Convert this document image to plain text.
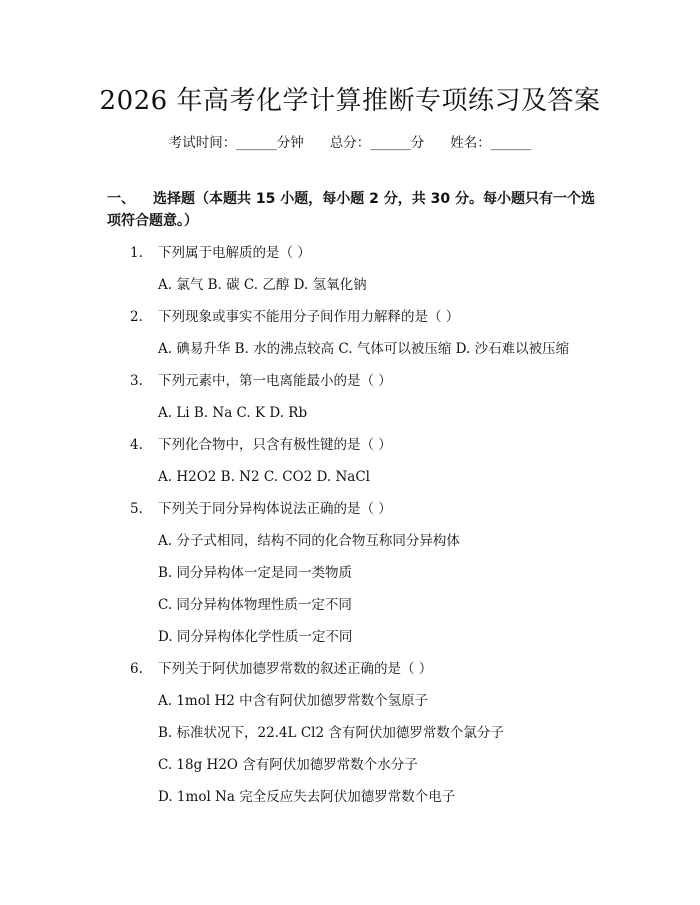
2026 年高考化学计算推断专项练习及答案
考试时间：______分钟 总分：______分 姓名：______
一、 选择题（本题共 15 小题，每小题 2 分，共 30 分。每小题只有一个选项符合题意。）
1. 下列属于电解质的是（ ）
A. 氯气 B. 碳 C. 乙醇 D. 氢氧化钠
2. 下列现象或事实不能用分子间作用力解释的是（ ）
A. 碘易升华 B. 水的沸点较高 C. 气体可以被压缩 D. 沙石难以被压缩
3. 下列元素中，第一电离能最小的是（ ）
A. Li B. Na C. K D. Rb
4. 下列化合物中，只含有极性键的是（ ）
A. H2O2 B. N2 C. CO2 D. NaCl
5. 下列关于同分异构体说法正确的是（ ）
A. 分子式相同，结构不同的化合物互称同分异构体
B. 同分异构体一定是同一类物质
C. 同分异构体物理性质一定不同
D. 同分异构体化学性质一定不同
6. 下列关于阿伏加德罗常数的叙述正确的是（ ）
A. 1mol H2 中含有阿伏加德罗常数个氢原子
B. 标准状况下，22.4L Cl2 含有阿伏加德罗常数个氯分子
C. 18g H2O 含有阿伏加德罗常数个水分子
D. 1mol Na 完全反应失去阿伏加德罗常数个电子
